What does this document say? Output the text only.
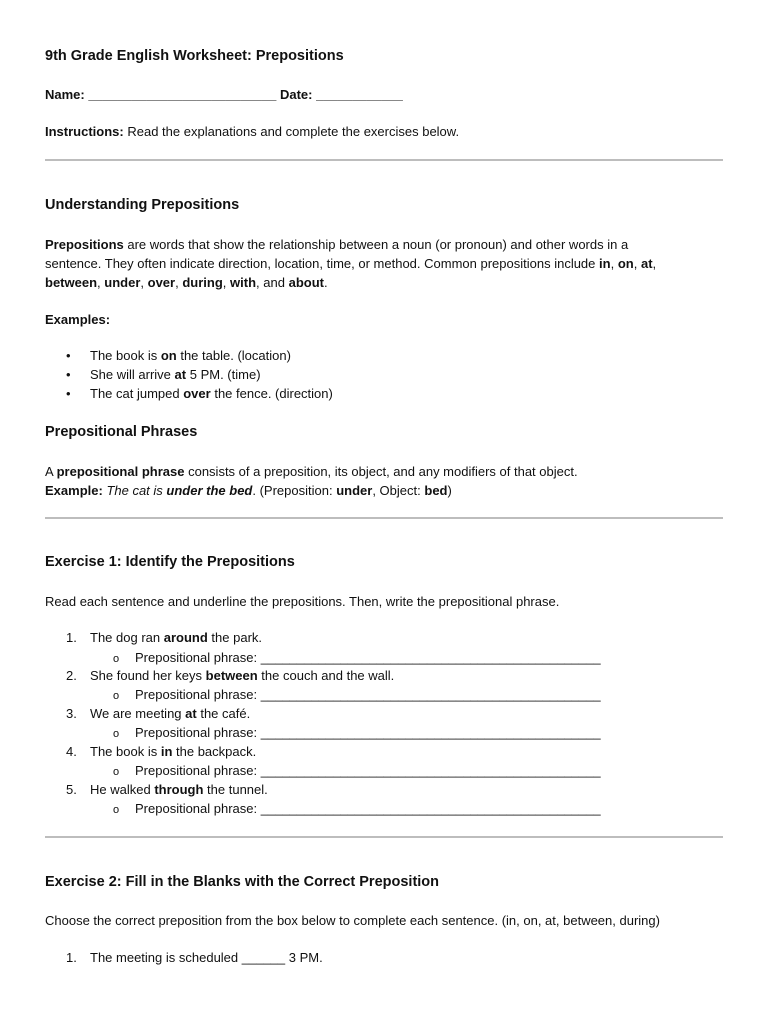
9th Grade English Worksheet: Prepositions
Name: __________________________ Date: ____________
Instructions: Read the explanations and complete the exercises below.
Understanding Prepositions
Prepositions are words that show the relationship between a noun (or pronoun) and other words in a
sentence. They often indicate direction, location, time, or method. Common prepositions include in, on, at,
between, under, over, during, with, and about.
Examples:
• The book is on the table. (location)
• She will arrive at 5 PM. (time)
• The cat jumped over the fence. (direction)
Prepositional Phrases
A prepositional phrase consists of a preposition, its object, and any modifiers of that object.
Example: The cat is under the bed. (Preposition: under, Object: bed)
Exercise 1: Identify the Prepositions
Read each sentence and underline the prepositions. Then, write the prepositional phrase.
1. The dog ran around the park.
o Prepositional phrase: _______________________________________________
2. She found her keys between the couch and the wall.
o Prepositional phrase: _______________________________________________
3. We are meeting at the café.
o Prepositional phrase: _______________________________________________
4. The book is in the backpack.
o Prepositional phrase: _______________________________________________
5. He walked through the tunnel.
o Prepositional phrase: _______________________________________________
Exercise 2: Fill in the Blanks with the Correct Preposition
Choose the correct preposition from the box below to complete each sentence. (in, on, at, between, during)
1. The meeting is scheduled ______ 3 PM.
